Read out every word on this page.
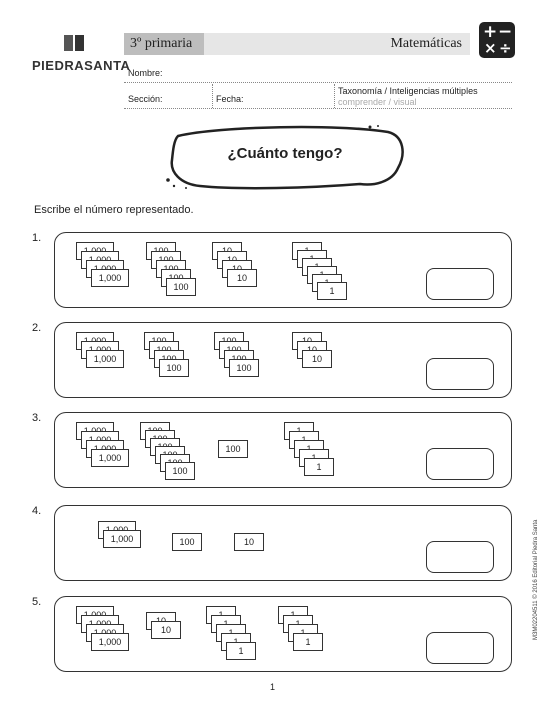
PIEDRASANTA
3º primaria	Matemáticas
+ −
× ÷
Nombre:
Sección:	Fecha:
Taxonomía / Inteligencias múltiples
comprender / visual
¿Cuánto tengo?
Escribe el número representado.
1.
1,000
100
10
1
2.
1,000
100	100
10
3.
1,000
100
100
1
4.
1,000	100	10
5.
1,000
10
1
1
1
M3M02204511 © 2016 Editorial Piedra Santa
